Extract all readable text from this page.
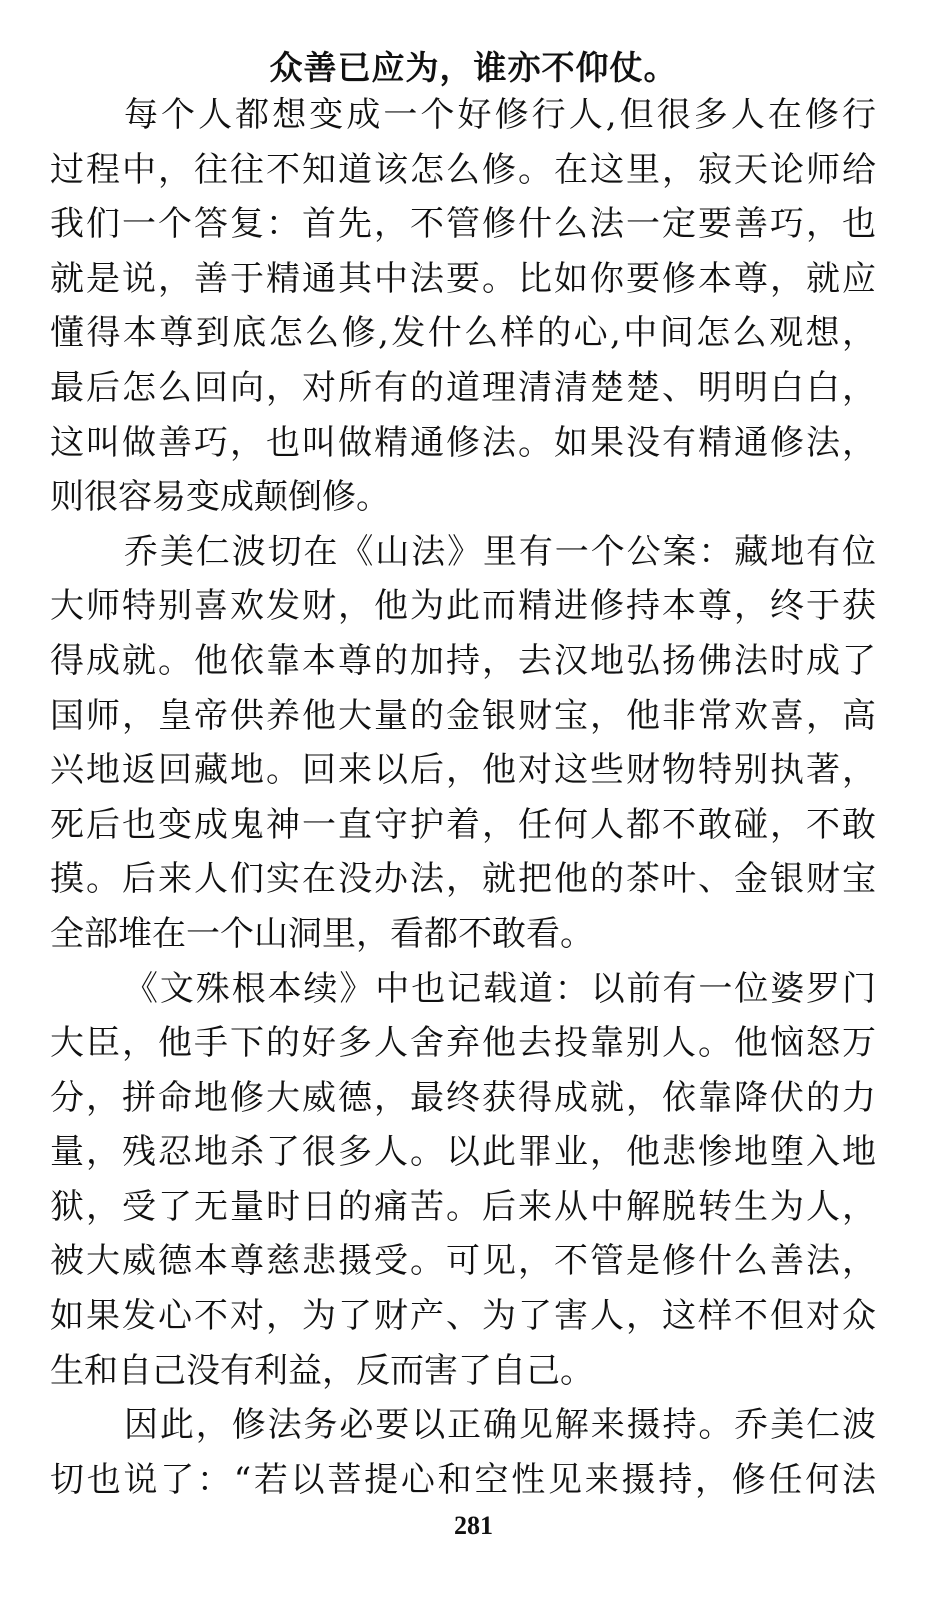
众善已应为，谁亦不仰仗。
每个人都想变成一个好修行人,但很多人在修行
过程中，往往不知道该怎么修。在这里，寂天论师给
我们一个答复：首先，不管修什么法一定要善巧，也
就是说，善于精通其中法要。比如你要修本尊，就应
懂得本尊到底怎么修,发什么样的心,中间怎么观想，
最后怎么回向，对所有的道理清清楚楚、明明白白，
这叫做善巧，也叫做精通修法。如果没有精通修法，
则很容易变成颠倒修。
乔美仁波切在《山法》里有一个公案：藏地有位
大师特别喜欢发财，他为此而精进修持本尊，终于获
得成就。他依靠本尊的加持，去汉地弘扬佛法时成了
国师，皇帝供养他大量的金银财宝，他非常欢喜，高
兴地返回藏地。回来以后，他对这些财物特别执著，
死后也变成鬼神一直守护着，任何人都不敢碰，不敢
摸。后来人们实在没办法，就把他的茶叶、金银财宝
全部堆在一个山洞里，看都不敢看。
《文殊根本续》中也记载道：以前有一位婆罗门
大臣，他手下的好多人舍弃他去投靠别人。他恼怒万
分，拼命地修大威德，最终获得成就，依靠降伏的力
量，残忍地杀了很多人。以此罪业，他悲惨地堕入地
狱，受了无量时日的痛苦。后来从中解脱转生为人，
被大威德本尊慈悲摄受。可见，不管是修什么善法，
如果发心不对，为了财产、为了害人，这样不但对众
生和自己没有利益，反而害了自己。
因此，修法务必要以正确见解来摄持。乔美仁波
切也说了：“若以菩提心和空性见来摄持，修任何法
281
